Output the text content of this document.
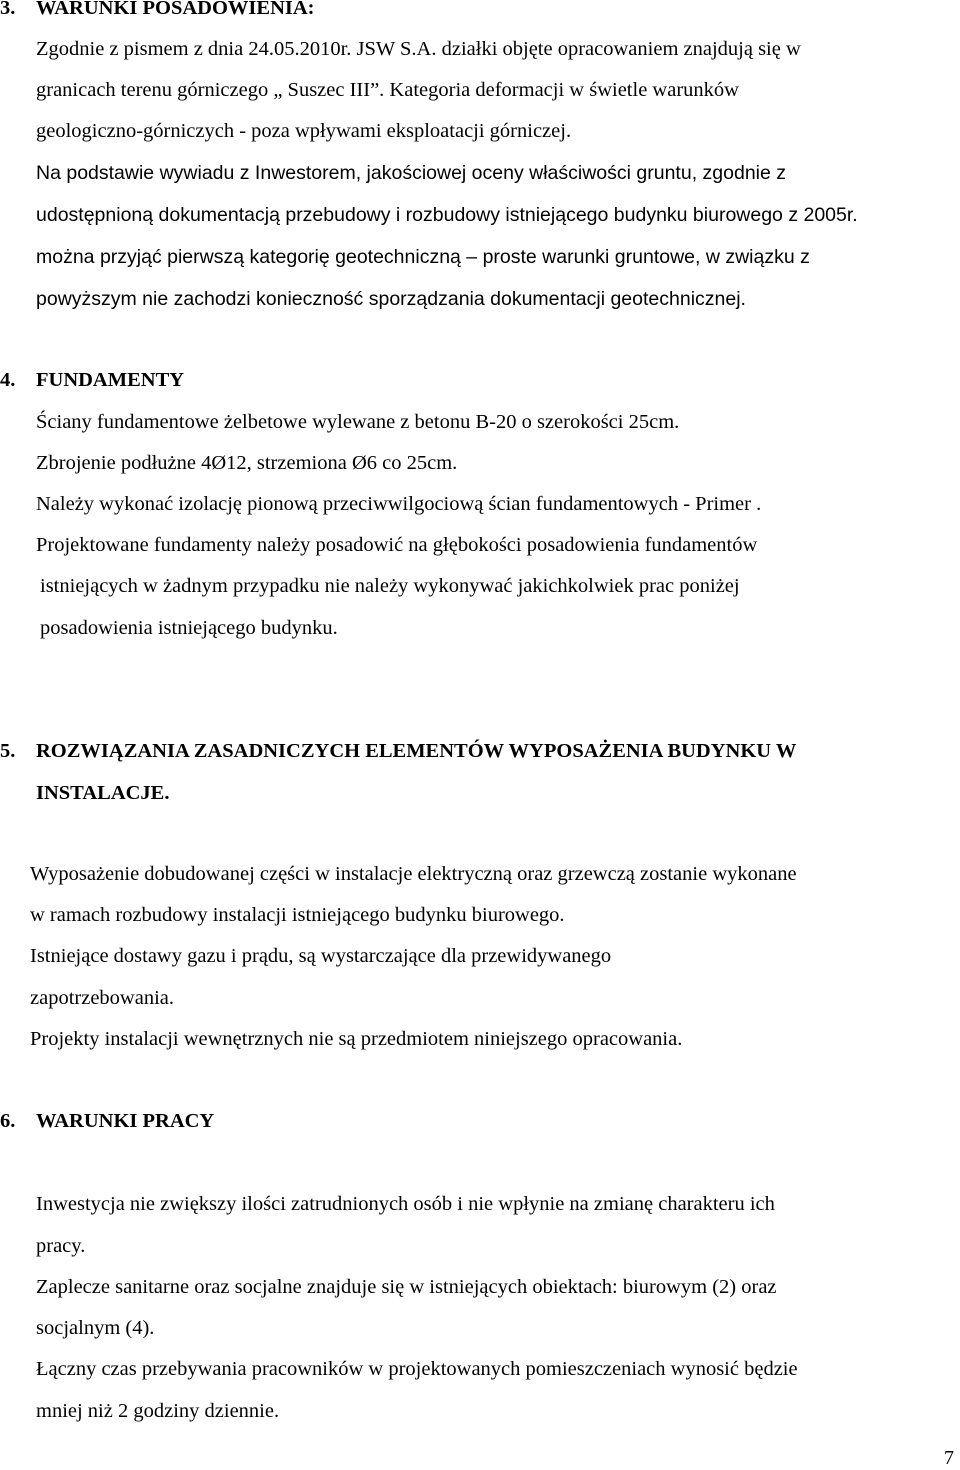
3. WARUNKI POSADOWIENIA:
Zgodnie z pismem z dnia 24.05.2010r. JSW S.A. działki objęte opracowaniem znajdują się w
granicach terenu górniczego „ Suszec III”. Kategoria deformacji w świetle warunków
geologiczno-górniczych - poza wpływami eksploatacji górniczej.
Na podstawie wywiadu z Inwestorem, jakościowej oceny właściwości gruntu, zgodnie z
udostępnioną dokumentacją przebudowy i rozbudowy istniejącego budynku biurowego z 2005r.
można przyjąć pierwszą kategorię geotechniczną – proste warunki gruntowe, w związku z
powyższym nie zachodzi konieczność sporządzania dokumentacji geotechnicznej.
4. FUNDAMENTY
Ściany fundamentowe żelbetowe wylewane z betonu B-20 o szerokości 25cm.
Zbrojenie podłużne 4Ø12, strzemiona Ø6 co 25cm.
Należy wykonać izolację pionową przeciwwilgociową ścian fundamentowych - Primer .
Projektowane fundamenty należy posadowić na głębokości posadowienia fundamentów
istniejących w żadnym przypadku nie należy wykonywać jakichkolwiek prac poniżej
posadowienia istniejącego budynku.
5. ROZWIĄZANIA ZASADNICZYCH ELEMENTÓW WYPOSAŻENIA BUDYNKU W
INSTALACJE.
Wyposażenie dobudowanej części w instalacje elektryczną oraz grzewczą zostanie wykonane
w ramach rozbudowy instalacji istniejącego budynku biurowego.
Istniejące dostawy gazu i prądu, są wystarczające dla przewidywanego
zapotrzebowania.
Projekty instalacji wewnętrznych nie są przedmiotem niniejszego opracowania.
6. WARUNKI PRACY
Inwestycja nie zwiększy ilości zatrudnionych osób i nie wpłynie na zmianę charakteru ich
pracy.
Zaplecze sanitarne oraz socjalne znajduje się w istniejących obiektach: biurowym (2) oraz
socjalnym (4).
Łączny czas przebywania pracowników w projektowanych pomieszczeniach wynosić będzie
mniej niż 2 godziny dziennie.
7
